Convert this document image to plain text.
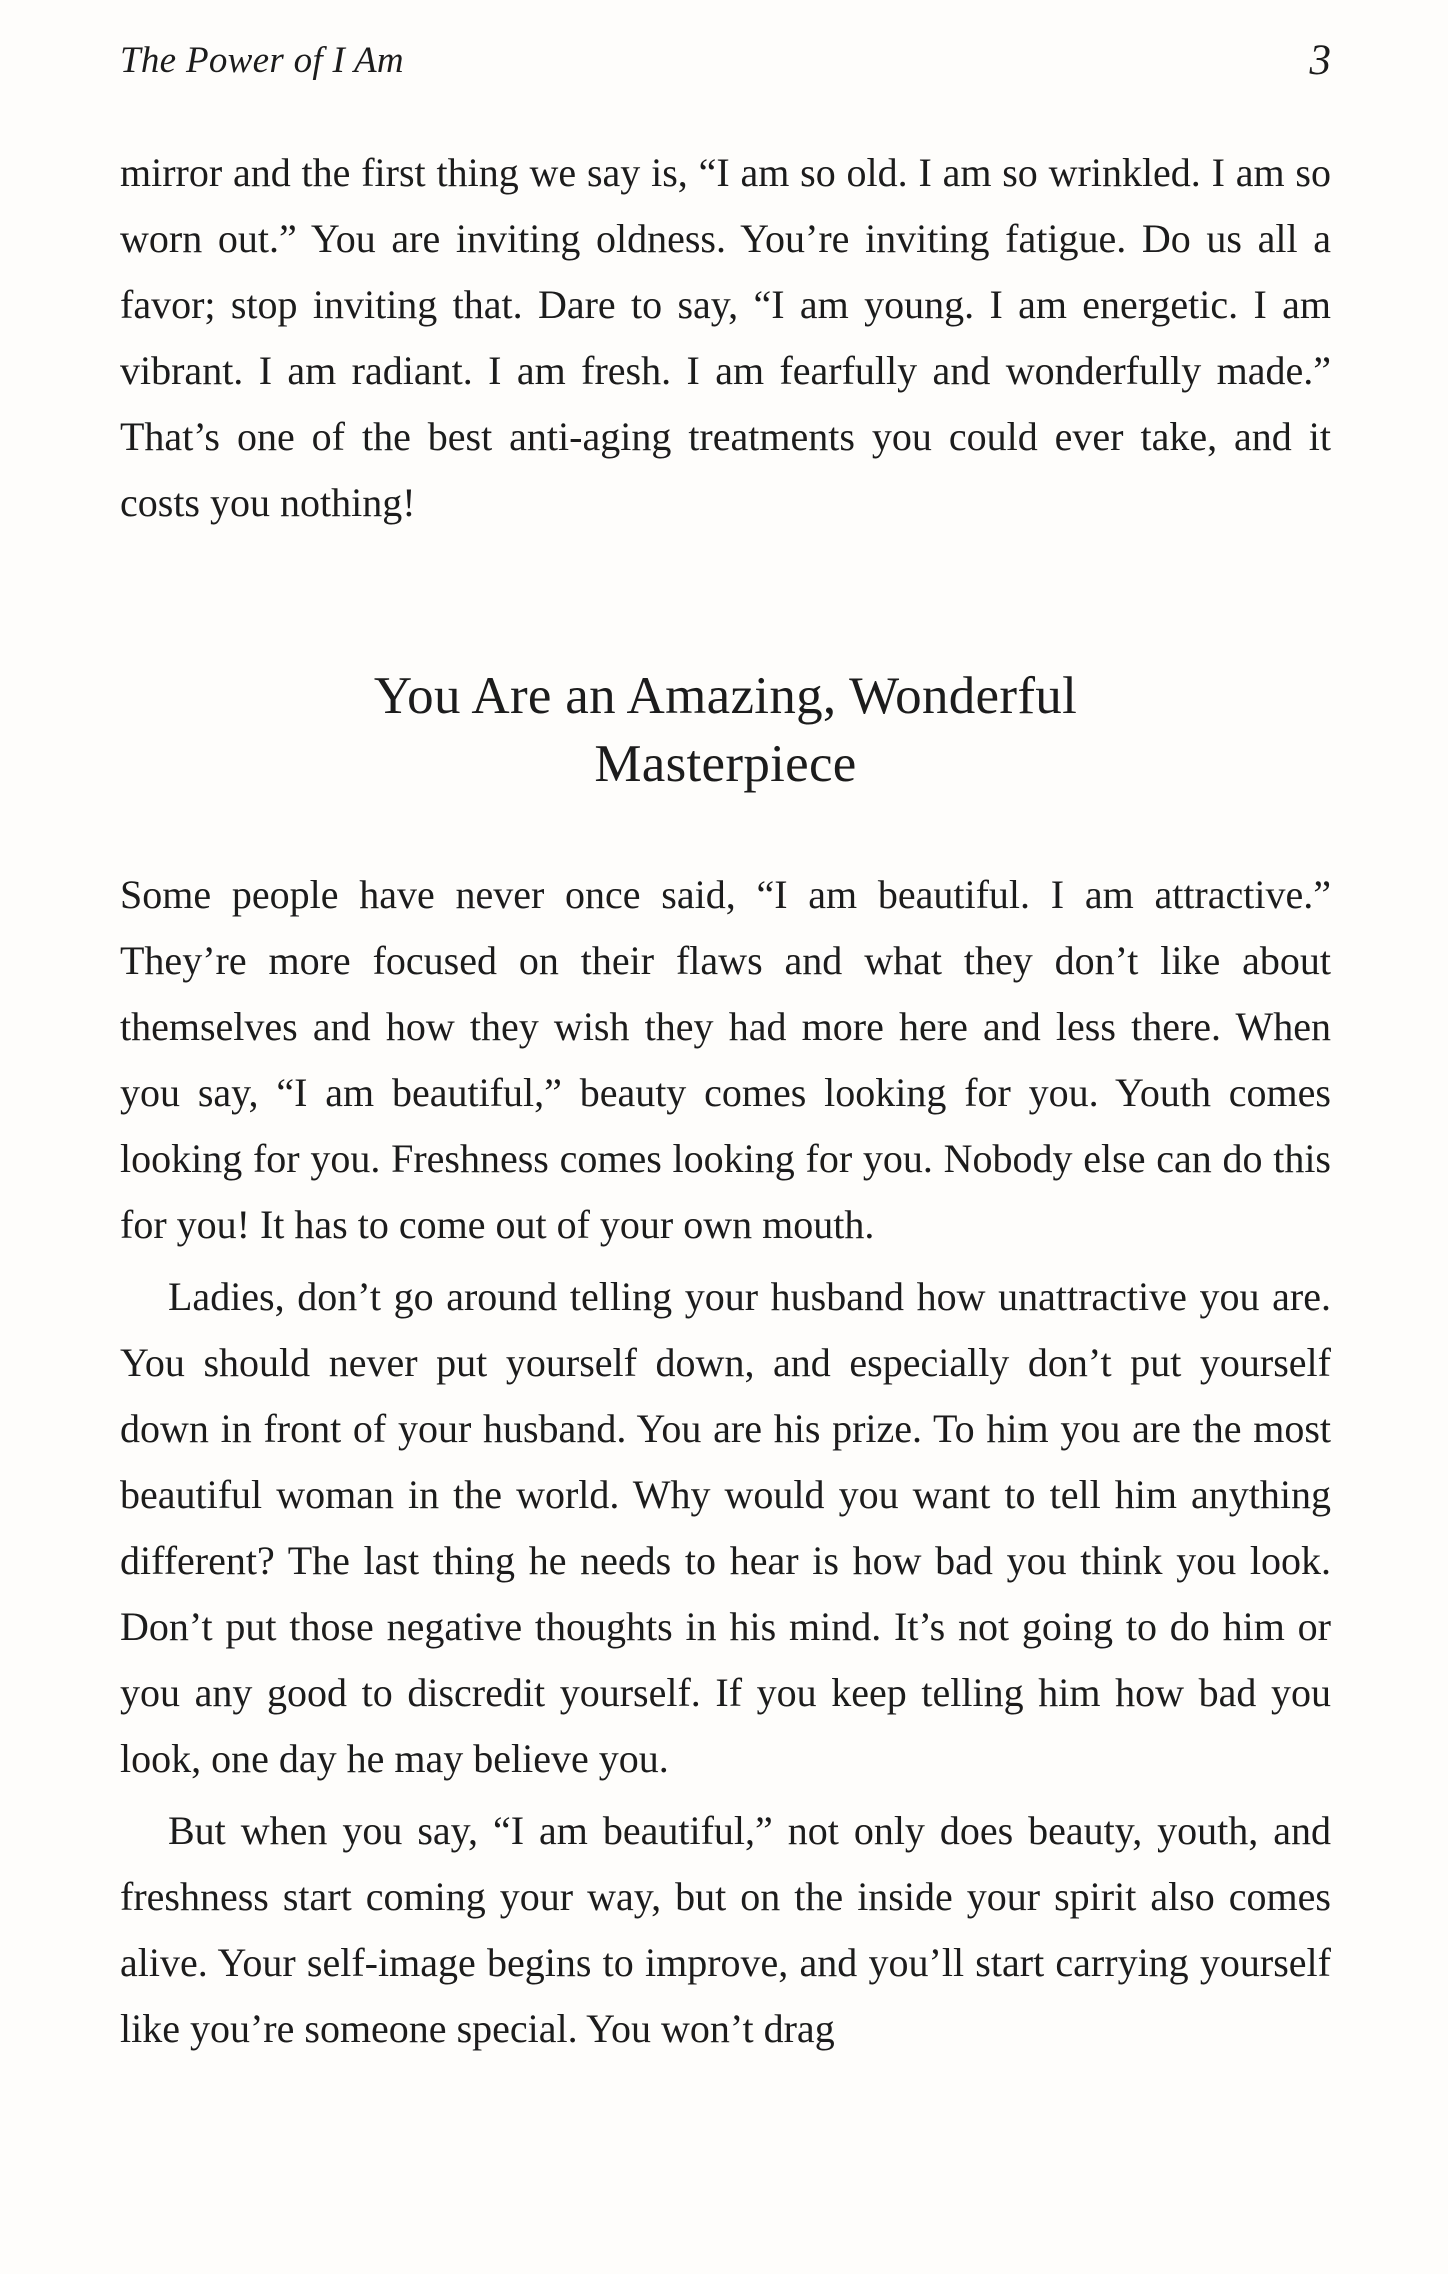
The Power of I Am	3

mirror and the first thing we say is, “I am so old. I am so wrinkled. I am so worn out.” You are inviting oldness. You’re inviting fatigue. Do us all a favor; stop inviting that. Dare to say, “I am young. I am energetic. I am vibrant. I am radiant. I am fresh. I am fearfully and wonderfully made.” That’s one of the best anti-aging treatments you could ever take, and it costs you nothing!

You Are an Amazing, Wonderful
Masterpiece

Some people have never once said, “I am beautiful. I am attractive.” They’re more focused on their flaws and what they don’t like about themselves and how they wish they had more here and less there. When you say, “I am beautiful,” beauty comes looking for you. Youth comes looking for you. Freshness comes looking for you. Nobody else can do this for you! It has to come out of your own mouth.

Ladies, don’t go around telling your husband how unattractive you are. You should never put yourself down, and especially don’t put yourself down in front of your husband. You are his prize. To him you are the most beautiful woman in the world. Why would you want to tell him anything different? The last thing he needs to hear is how bad you think you look. Don’t put those negative thoughts in his mind. It’s not going to do him or you any good to discredit yourself. If you keep telling him how bad you look, one day he may believe you.

But when you say, “I am beautiful,” not only does beauty, youth, and freshness start coming your way, but on the inside your spirit also comes alive. Your self-image begins to improve, and you’ll start carrying yourself like you’re someone special. You won’t drag
